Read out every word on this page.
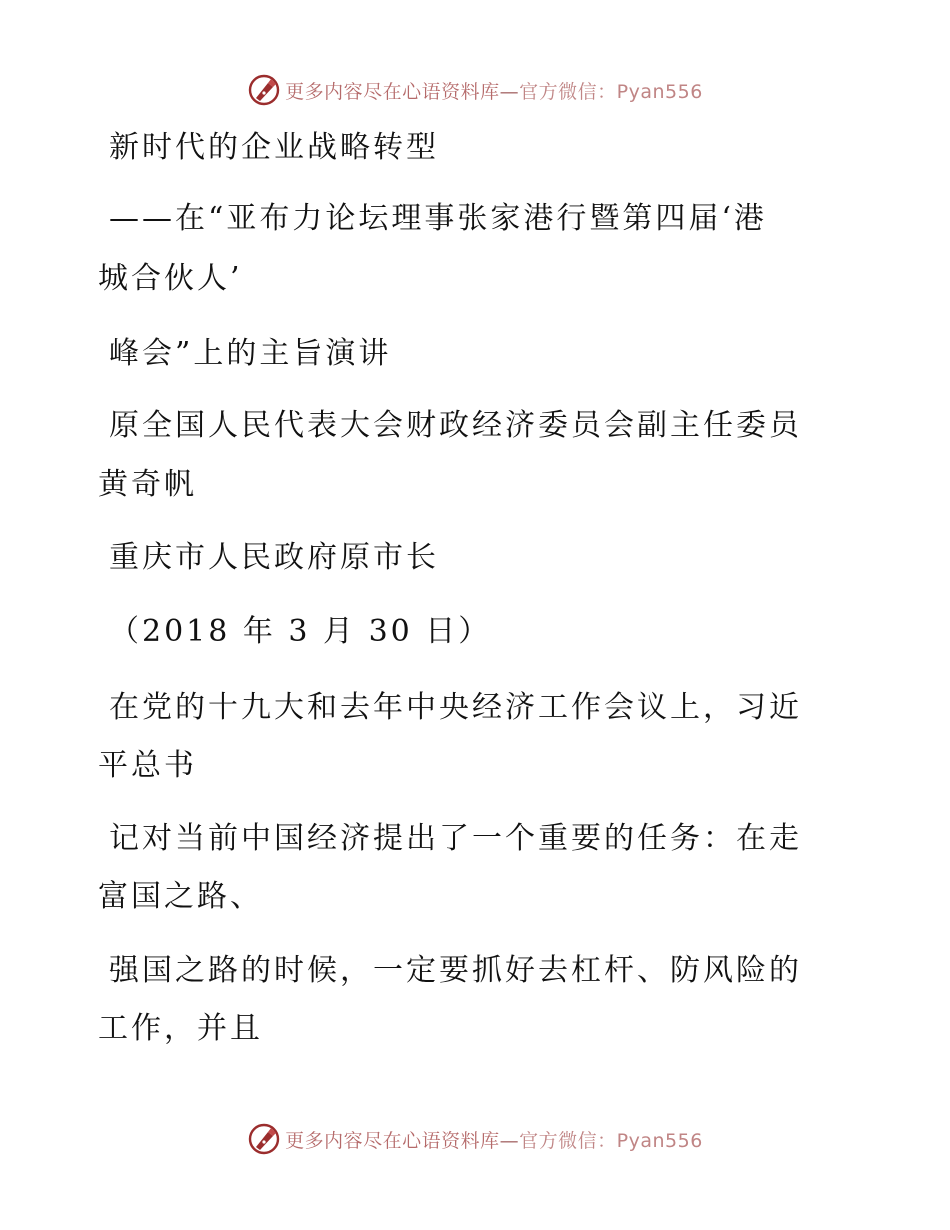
更多内容尽在心语资料库—官方微信：Pyan556
新时代的企业战略转型
——在“亚布力论坛理事张家港行暨第四届‘港
城合伙人’
峰会”上的主旨演讲
原全国人民代表大会财政经济委员会副主任委员
黄奇帆
重庆市人民政府原市长
（2018 年 3 月 30 日）
在党的十九大和去年中央经济工作会议上，习近
平总书
记对当前中国经济提出了一个重要的任务：在走
富国之路、
强国之路的时候，一定要抓好去杠杆、防风险的
工作，并且
更多内容尽在心语资料库—官方微信：Pyan556
